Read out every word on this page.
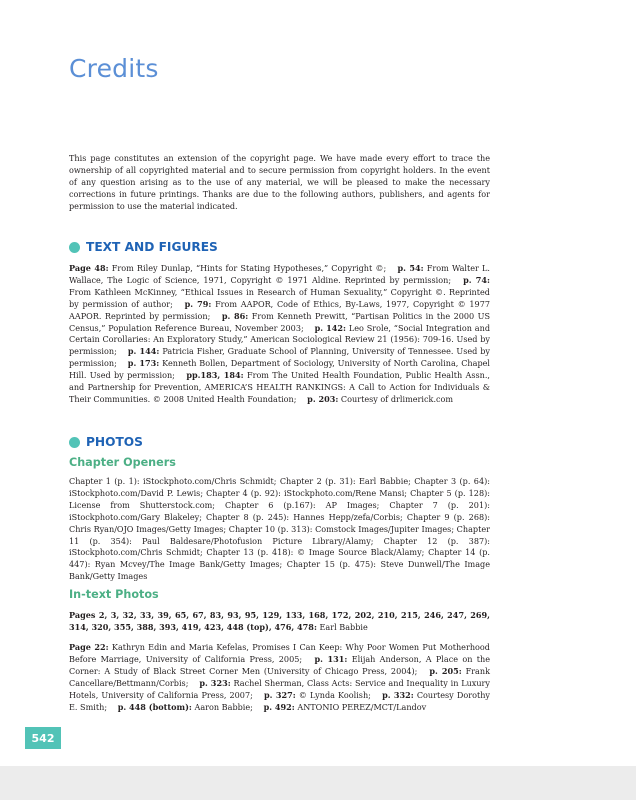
Credits

This page constitutes an extension of the copyright page. We have made every effort to trace the ownership of all copyrighted material and to secure permission from copyright holders. In the event of any question arising as to the use of any material, we will be pleased to make the necessary corrections in future printings. Thanks are due to the following authors, publishers, and agents for permission to use the material indicated.

TEXT AND FIGURES

Page 48: From Riley Dunlap, “Hints for Stating Hypotheses,” Copyright ©;  p. 54: From Walter L. Wallace, The Logic of Science, 1971, Copyright © 1971 Aldine. Reprinted by permission;  p. 74: From Kathleen McKinney, “Ethical Issues in Research of Human Sexuality,” Copyright ©. Reprinted by permission of author;  p. 79: From AAPOR, Code of Ethics, By-Laws, 1977, Copyright © 1977 AAPOR. Reprinted by permission;  p. 86: From Kenneth Prewitt, “Partisan Politics in the 2000 US Census,” Population Reference Bureau, November 2003;  p. 142: Leo Srole, “Social Integration and Certain Corollaries: An Exploratory Study,” American Sociological Review 21 (1956): 709-16. Used by permission;  p. 144: Patricia Fisher, Graduate School of Planning, University of Tennessee. Used by permission;  p. 173: Kenneth Bollen, Department of Sociology, University of North Carolina, Chapel Hill. Used by permission;  pp.183, 184: From The United Health Foundation, Public Health Assn., and Partnership for Prevention, AMERICA’S HEALTH RANKINGS: A Call to Action for Individuals & Their Communities. © 2008 United Health Foundation;  p. 203: Courtesy of drlimerick.com

PHOTOS
Chapter Openers

Chapter 1 (p. 1): iStockphoto.com/Chris Schmidt; Chapter 2 (p. 31): Earl Babbie; Chapter 3 (p. 64): iStockphoto.com/David P. Lewis; Chapter 4 (p. 92): iStockphoto.com/Rene Mansi; Chapter 5 (p. 128): License from Shutterstock.com; Chapter 6 (p.167): AP Images; Chapter 7 (p. 201): iStockphoto.com/Gary Blakeley; Chapter 8 (p. 245): Hannes Hepp/zefa/Corbis; Chapter 9 (p. 268): Chris Ryan/OJO Images/Getty Images; Chapter 10 (p. 313): Comstock Images/Jupiter Images; Chapter 11 (p. 354): Paul Baldesare/Photofusion Picture Library/Alamy; Chapter 12 (p. 387): iStockphoto.com/Chris Schmidt; Chapter 13 (p. 418): © Image Source Black/Alamy; Chapter 14 (p. 447): Ryan Mcvey/The Image Bank/Getty Images; Chapter 15 (p. 475): Steve Dunwell/The Image Bank/Getty Images

In-text Photos

Pages 2, 3, 32, 33, 39, 65, 67, 83, 93, 95, 129, 133, 168, 172, 202, 210, 215, 246, 247, 269, 314, 320, 355, 388, 393, 419, 423, 448 (top), 476, 478: Earl Babbie

Page 22: Kathryn Edin and Maria Kefelas, Promises I Can Keep: Why Poor Women Put Motherhood Before Marriage, University of California Press, 2005;  p. 131: Elijah Anderson, A Place on the Corner: A Study of Black Street Corner Men (University of Chicago Press, 2004);  p. 205: Frank Cancellare/Bettmann/Corbis;  p. 323: Rachel Sherman, Class Acts: Service and Inequality in Luxury Hotels, University of California Press, 2007;  p. 327: © Lynda Koolish;  p. 332: Courtesy Dorothy E. Smith;  p. 448 (bottom): Aaron Babbie;  p. 492: ANTONIO PEREZ/MCT/Landov

542
